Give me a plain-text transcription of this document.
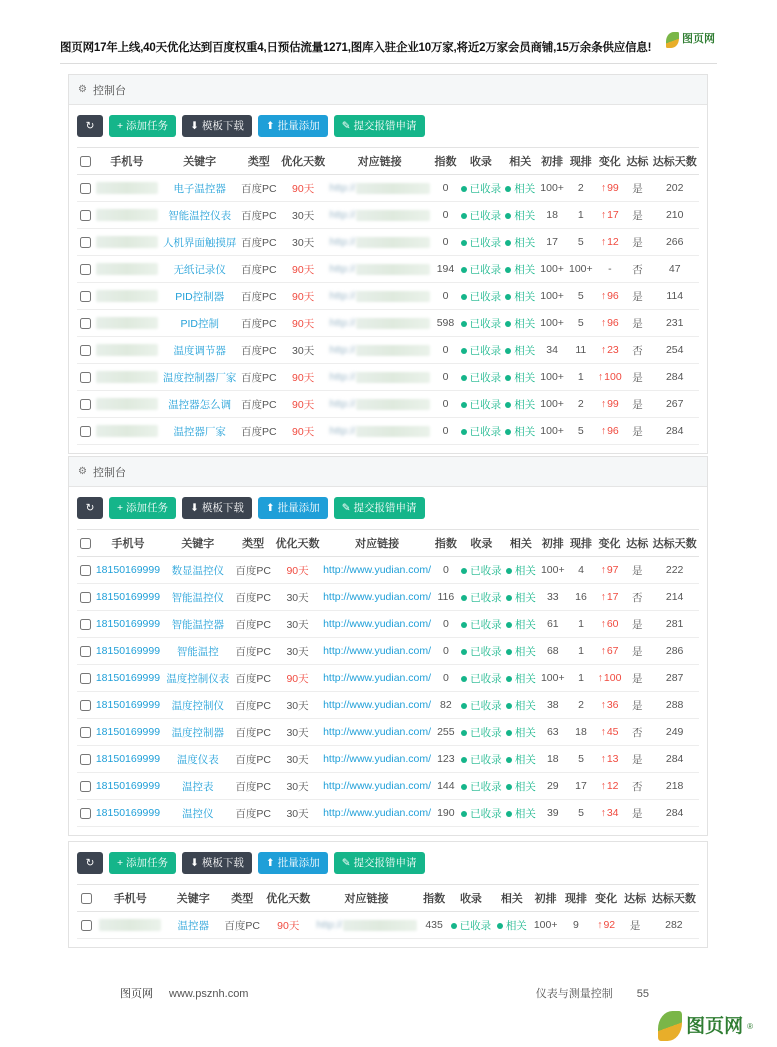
图页网17年上线,40天优化达到百度权重4,日预估流量1271,图库入驻企业10万家,将近2万家会员商铺,15万余条供应信息!
图页网
⚙ 控制台
↻	+ 添加任务	⬇ 模板下载 ⬆ 批量添加 ✎ 提交报错申请
	手机号	关键字	类型	优化天数	对应链接	指数	收录	相关	初排	现排	变化	达标	达标天数
		电子温控器	百度PC	90天	http://	0	已收录	相关	100+	2	↑ 99	是	202
		智能温控仪表	百度PC	30天	http://	0	已收录	相关	18	1	↑ 17	是	210
		人机界面触摸屏	百度PC	30天	http://	0	已收录	相关	17	5	↑ 12	是	266
		无纸记录仪	百度PC	90天	http://	194	已收录	相关	100+	100+	-	否	47
		PID控制器	百度PC	90天	http://	0	已收录	相关	100+	5	↑ 96	是	114
		PID控制	百度PC	90天	http://	598	已收录	相关	100+	5	↑ 96	是	231
		温度调节器	百度PC	30天	http://	0	已收录	相关	34	11	↑ 23	否	254
		温度控制器厂家	百度PC	90天	http://	0	已收录	相关	100+	1	↑ 100	是	284
		温控器怎么调	百度PC	90天	http://	0	已收录	相关	100+	2	↑ 99	是	267
		温控器厂家	百度PC	90天	http://	0	已收录	相关	100+	5	↑ 96	是	284
⚙ 控制台
↻	+ 添加任务	⬇ 模板下载 ⬆ 批量添加 ✎ 提交报错申请
	手机号	关键字	类型	优化天数	对应链接	指数	收录	相关	初排	现排	变化	达标	达标天数
	18150169999	数显温控仪	百度PC	90天	http://www.yudian.com/	0	已收录	相关	100+	4	↑ 97	是	222
	18150169999	智能温控仪	百度PC	30天	http://www.yudian.com/	116	已收录	相关	33	16	↑ 17	否	214
	18150169999	智能温控器	百度PC	30天	http://www.yudian.com/	0	已收录	相关	61	1	↑ 60	是	281
	18150169999	智能温控	百度PC	30天	http://www.yudian.com/	0	已收录	相关	68	1	↑ 67	是	286
	18150169999	温度控制仪表	百度PC	90天	http://www.yudian.com/	0	已收录	相关	100+	1	↑ 100	是	287
	18150169999	温度控制仪	百度PC	30天	http://www.yudian.com/	82	已收录	相关	38	2	↑ 36	是	288
	18150169999	温度控制器	百度PC	30天	http://www.yudian.com/	255	已收录	相关	63	18	↑ 45	否	249
	18150169999	温度仪表	百度PC	30天	http://www.yudian.com/	123	已收录	相关	18	5	↑ 13	是	284
	18150169999	温控表	百度PC	30天	http://www.yudian.com/	144	已收录	相关	29	17	↑ 12	否	218
	18150169999	温控仪	百度PC	30天	http://www.yudian.com/	190	已收录	相关	39	5	↑ 34	是	284
↻	+ 添加任务	⬇ 模板下载 ⬆ 批量添加 ✎ 提交报错申请
	手机号	关键字	类型	优化天数	对应链接	指数	收录	相关	初排	现排	变化	达标	达标天数
		温控器	百度PC	90天	http://	435	已收录	相关	100+	9	↑ 92	是	282
图页网 www.psznh.com	仪表与测量控制 55
图页网 ®
